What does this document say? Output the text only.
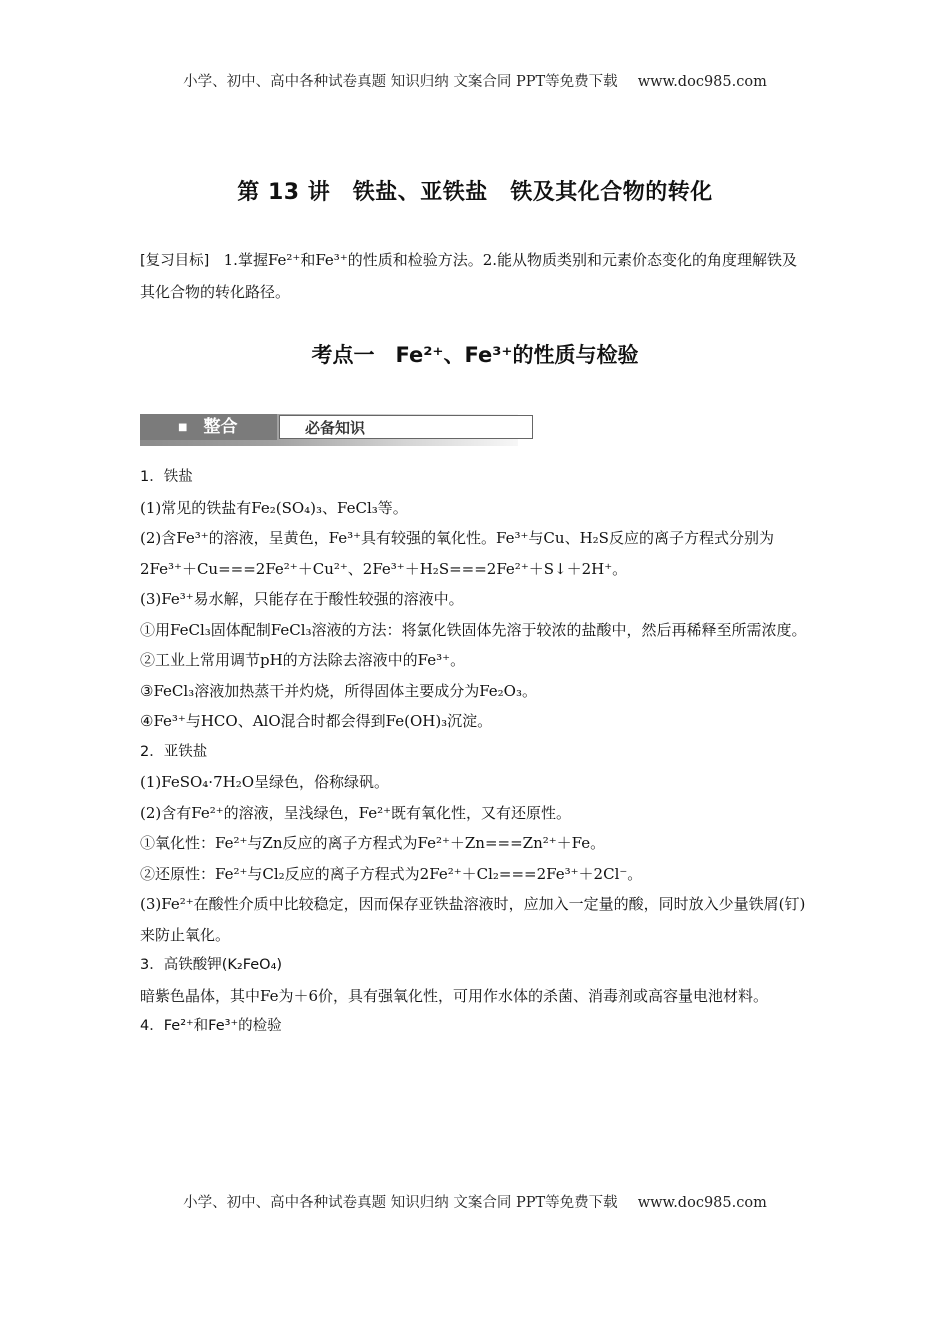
小学、初中、高中各种试卷真题 知识归纳 文案合同 PPT等免费下载 www.doc985.com
第 13 讲　铁盐、亚铁盐　铁及其化合物的转化
[复习目标] 1.掌握Fe²⁺和Fe³⁺的性质和检验方法。2.能从物质类别和元素价态变化的角度理解铁及其化合物的转化路径。
考点一　Fe²⁺、Fe³⁺的性质与检验
■ 整合	必备知识

1．铁盐

(1)常见的铁盐有Fe₂(SO₄)₃、FeCl₃等。

(2)含Fe³⁺的溶液，呈黄色，Fe³⁺具有较强的氧化性。Fe³⁺与Cu、H₂S反应的离子方程式分别为2Fe³⁺＋Cu===2Fe²⁺＋Cu²⁺、2Fe³⁺＋H₂S===2Fe²⁺＋S↓＋2H⁺。

(3)Fe³⁺易水解，只能存在于酸性较强的溶液中。

①用FeCl₃固体配制FeCl₃溶液的方法：将氯化铁固体先溶于较浓的盐酸中，然后再稀释至所需浓度。

②工业上常用调节pH的方法除去溶液中的Fe³⁺。

③FeCl₃溶液加热蒸干并灼烧，所得固体主要成分为Fe₂O₃。

④Fe³⁺与HCO、AlO混合时都会得到Fe(OH)₃沉淀。

2．亚铁盐

(1)FeSO₄·7H₂O呈绿色，俗称绿矾。

(2)含有Fe²⁺的溶液，呈浅绿色，Fe²⁺既有氧化性，又有还原性。

①氧化性：Fe²⁺与Zn反应的离子方程式为Fe²⁺＋Zn===Zn²⁺＋Fe。

②还原性：Fe²⁺与Cl₂反应的离子方程式为2Fe²⁺＋Cl₂===2Fe³⁺＋2Cl⁻。

(3)Fe²⁺在酸性介质中比较稳定，因而保存亚铁盐溶液时，应加入一定量的酸，同时放入少量铁屑(钉)来防止氧化。

3．高铁酸钾(K₂FeO₄)

暗紫色晶体，其中Fe为＋6价，具有强氧化性，可用作水体的杀菌、消毒剂或高容量电池材料。

4．Fe²⁺和Fe³⁺的检验

小学、初中、高中各种试卷真题 知识归纳 文案合同 PPT等免费下载 www.doc985.com
